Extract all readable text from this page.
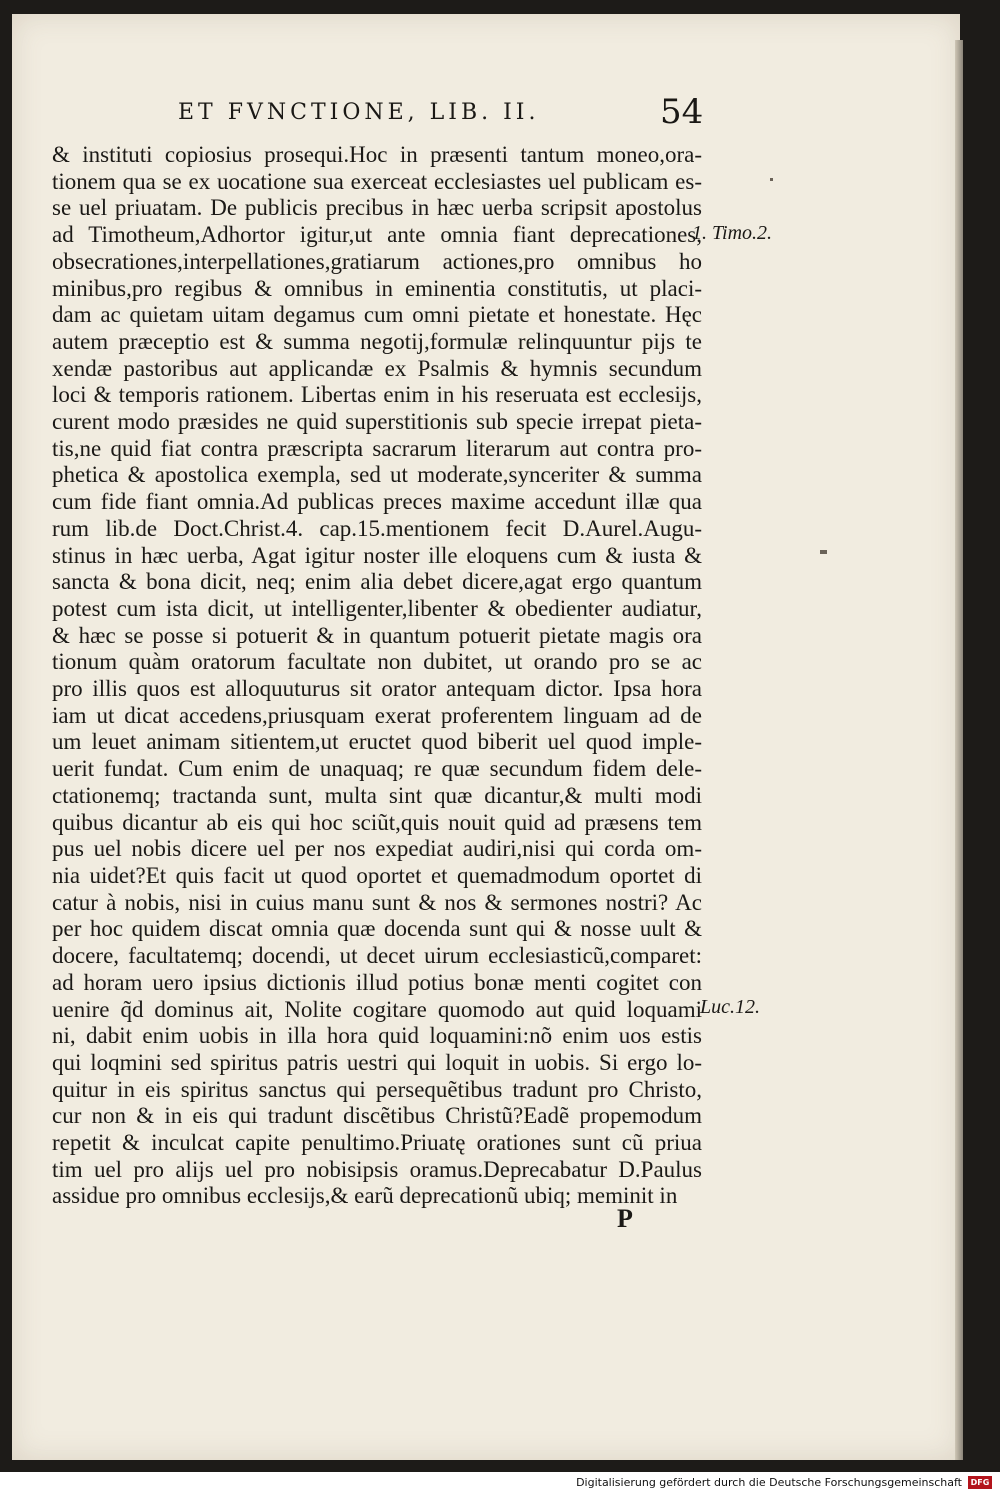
ET FVNCTIONE, LIB. II.	54
& instituti copiosius prosequi.Hoc in præsenti tantum moneo,ora‑
tionem qua se ex uocatione sua exerceat ecclesiastes uel publicam es‑
se uel priuatam. De publicis precibus in hæc uerba scripsit apostolus
ad Timotheum,Adhortor igitur,ut ante omnia fiant deprecationes,
obsecrationes,interpellationes,gratiarum actiones,pro omnibus ho
minibus,pro regibus & omnibus in eminentia constitutis, ut placi‑
dam ac quietam uitam degamus cum omni pietate et honestate. Hęc
autem præceptio est & summa negotij,formulæ relinquuntur pijs te
xendæ pastoribus aut applicandæ ex Psalmis & hymnis secundum
loci & temporis rationem. Libertas enim in his reseruata est ecclesijs,
curent modo præsides ne quid superstitionis sub specie irrepat pieta‑
tis,ne quid fiat contra præscripta sacrarum literarum aut contra pro‑
phetica & apostolica exempla, sed ut moderate,synceriter & summa
cum fide fiant omnia.Ad publicas preces maxime accedunt illæ qua
rum lib.de Doct.Christ.4. cap.15.mentionem fecit D.Aurel.Augu‑
stinus in hæc uerba, Agat igitur noster ille eloquens cum & iusta &
sancta & bona dicit, neq; enim alia debet dicere,agat ergo quantum
potest cum ista dicit, ut intelligenter,libenter & obedienter audiatur,
& hæc se posse si potuerit & in quantum potuerit pietate magis ora
tionum quàm oratorum facultate non dubitet, ut orando pro se ac
pro illis quos est alloquuturus sit orator antequam dictor. Ipsa hora
iam ut dicat accedens,priusquam exerat proferentem linguam ad de
um leuet animam sitientem,ut eructet quod biberit uel quod imple‑
uerit fundat. Cum enim de unaquaq; re quæ secundum fidem dele‑
ctationemq; tractanda sunt, multa sint quæ dicantur,& multi modi
quibus dicantur ab eis qui hoc sciũt,quis nouit quid ad præsens tem
pus uel nobis dicere uel per nos expediat audiri,nisi qui corda om‑
nia uidet?Et quis facit ut quod oportet et quemadmodum oportet di
catur à nobis, nisi in cuius manu sunt & nos & sermones nostri? Ac
per hoc quidem discat omnia quæ docenda sunt qui & nosse uult &
docere, facultatemq; docendi, ut decet uirum ecclesiasticũ,comparet:
ad horam uero ipsius dictionis illud potius bonæ menti cogitet con
uenire q̃d dominus ait, Nolite cogitare quomodo aut quid loquami
ni, dabit enim uobis in illa hora quid loquamini:nõ enim uos estis
qui loqmini sed spiritus patris uestri qui loquit in uobis. Si ergo lo‑
quitur in eis spiritus sanctus qui persequẽtibus tradunt pro Christo,
cur non & in eis qui tradunt discẽtibus Christũ?Eadẽ propemodum
repetit & inculcat capite penultimo.Priuatę orationes sunt cũ priua
tim uel pro alijs uel pro nobisipsis oramus.Deprecabatur D.Paulus
assidue pro omnibus ecclesijs,& earũ deprecationũ ubiq; meminit in
1. Timo.2.
Luc.12.
P
Digitalisierung gefördert durch die Deutsche Forschungsgemeinschaft	DFG
